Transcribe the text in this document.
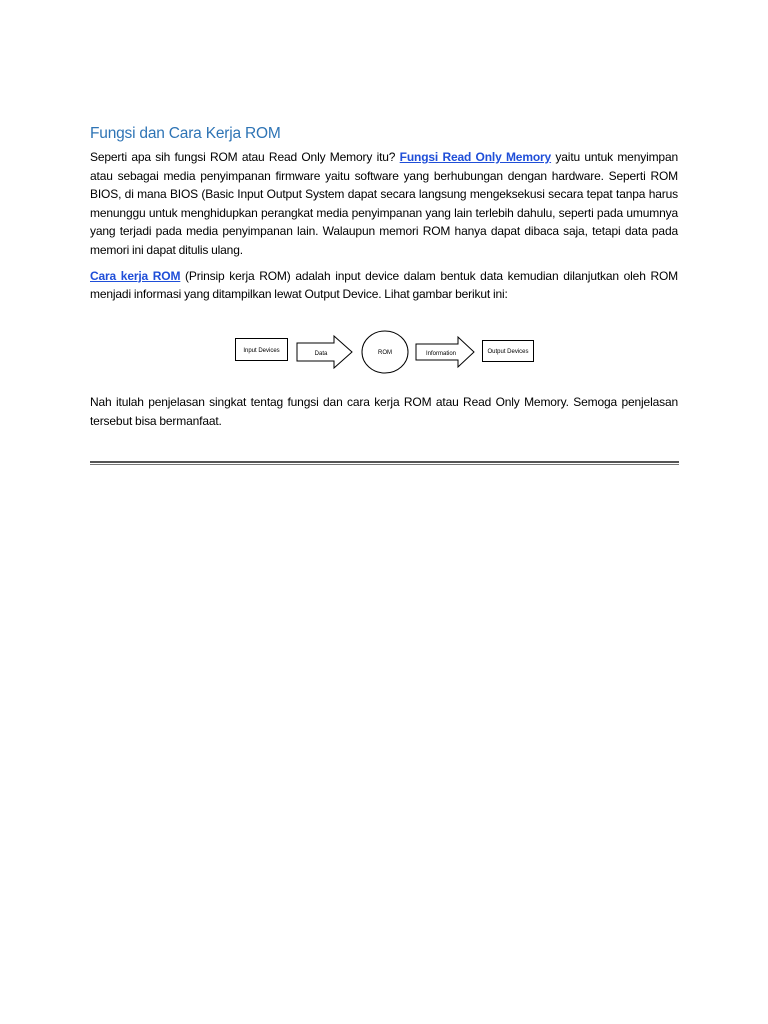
Fungsi dan Cara Kerja ROM

Seperti apa sih fungsi ROM atau Read Only Memory itu? Fungsi Read Only Memory yaitu untuk menyimpan atau sebagai media penyimpanan firmware yaitu software yang berhubungan dengan hardware. Seperti ROM BIOS, di mana BIOS (Basic Input Output System dapat secara langsung mengeksekusi secara tepat tanpa harus menunggu untuk menghidupkan perangkat media penyimpanan yang lain terlebih dahulu, seperti pada umumnya yang terjadi pada media penyimpanan lain. Walaupun memori ROM hanya dapat dibaca saja, tetapi data pada memori ini dapat ditulis ulang.

Cara kerja ROM (Prinsip kerja ROM) adalah input device dalam bentuk data kemudian dilanjutkan oleh ROM menjadi informasi yang ditampilkan lewat Output Device. Lihat gambar berikut ini:

Input Devices	Data	ROM	Information	Output Devices

Nah itulah penjelasan singkat tentag fungsi dan cara kerja ROM atau Read Only Memory. Semoga penjelasan tersebut bisa bermanfaat.
